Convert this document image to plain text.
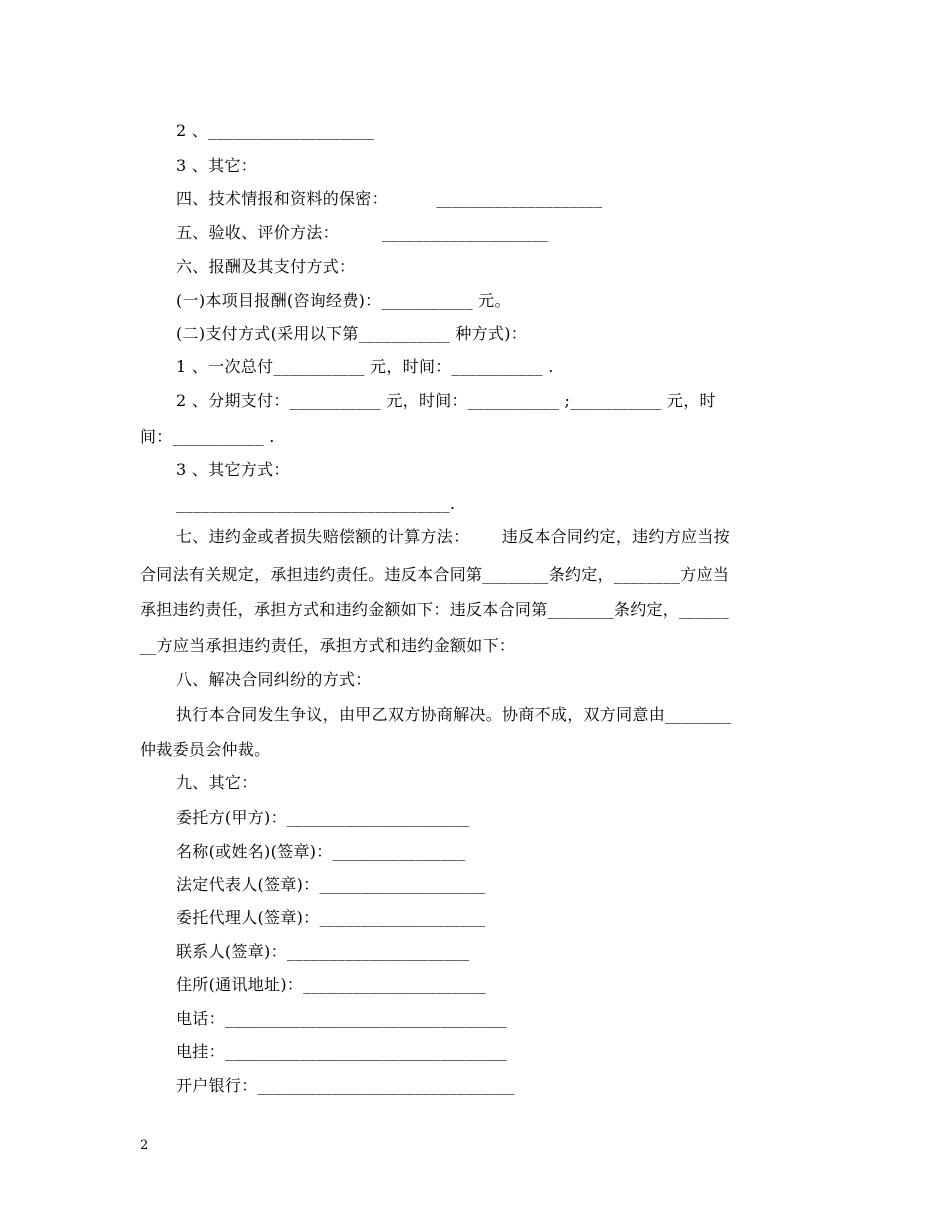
2 、____________________
3 、其它：
四、技术情报和资料的保密：         ____________________
五、验收、评价方法：        ____________________
六、报酬及其支付方式：
(一)本项目报酬(咨询经费)：___________ 元。
(二)支付方式(采用以下第___________ 种方式)：
1 、一次总付___________ 元，时间：___________ .
2 、分期支付：___________ 元，时间：___________ ;___________ 元，时
间：___________ .
3 、其它方式：
_________________________________.
七、违约金或者损失赔偿额的计算方法：      违反本合同约定，违约方应当按
合同法有关规定，承担违约责任。违反本合同第________条约定，________方应当
承担违约责任，承担方式和违约金额如下：违反本合同第________条约定，______
__方应当承担违约责任，承担方式和违约金额如下：
八、解决合同纠纷的方式：
执行本合同发生争议，由甲乙双方协商解决。协商不成，双方同意由________
仲裁委员会仲裁。
九、其它：
委托方(甲方)：______________________
名称(或姓名)(签章)：________________
法定代表人(签章)：____________________
委托代理人(签章)：____________________
联系人(签章)：______________________
住所(通讯地址)：______________________
电话：__________________________________
电挂：__________________________________
开户银行：_______________________________
2
